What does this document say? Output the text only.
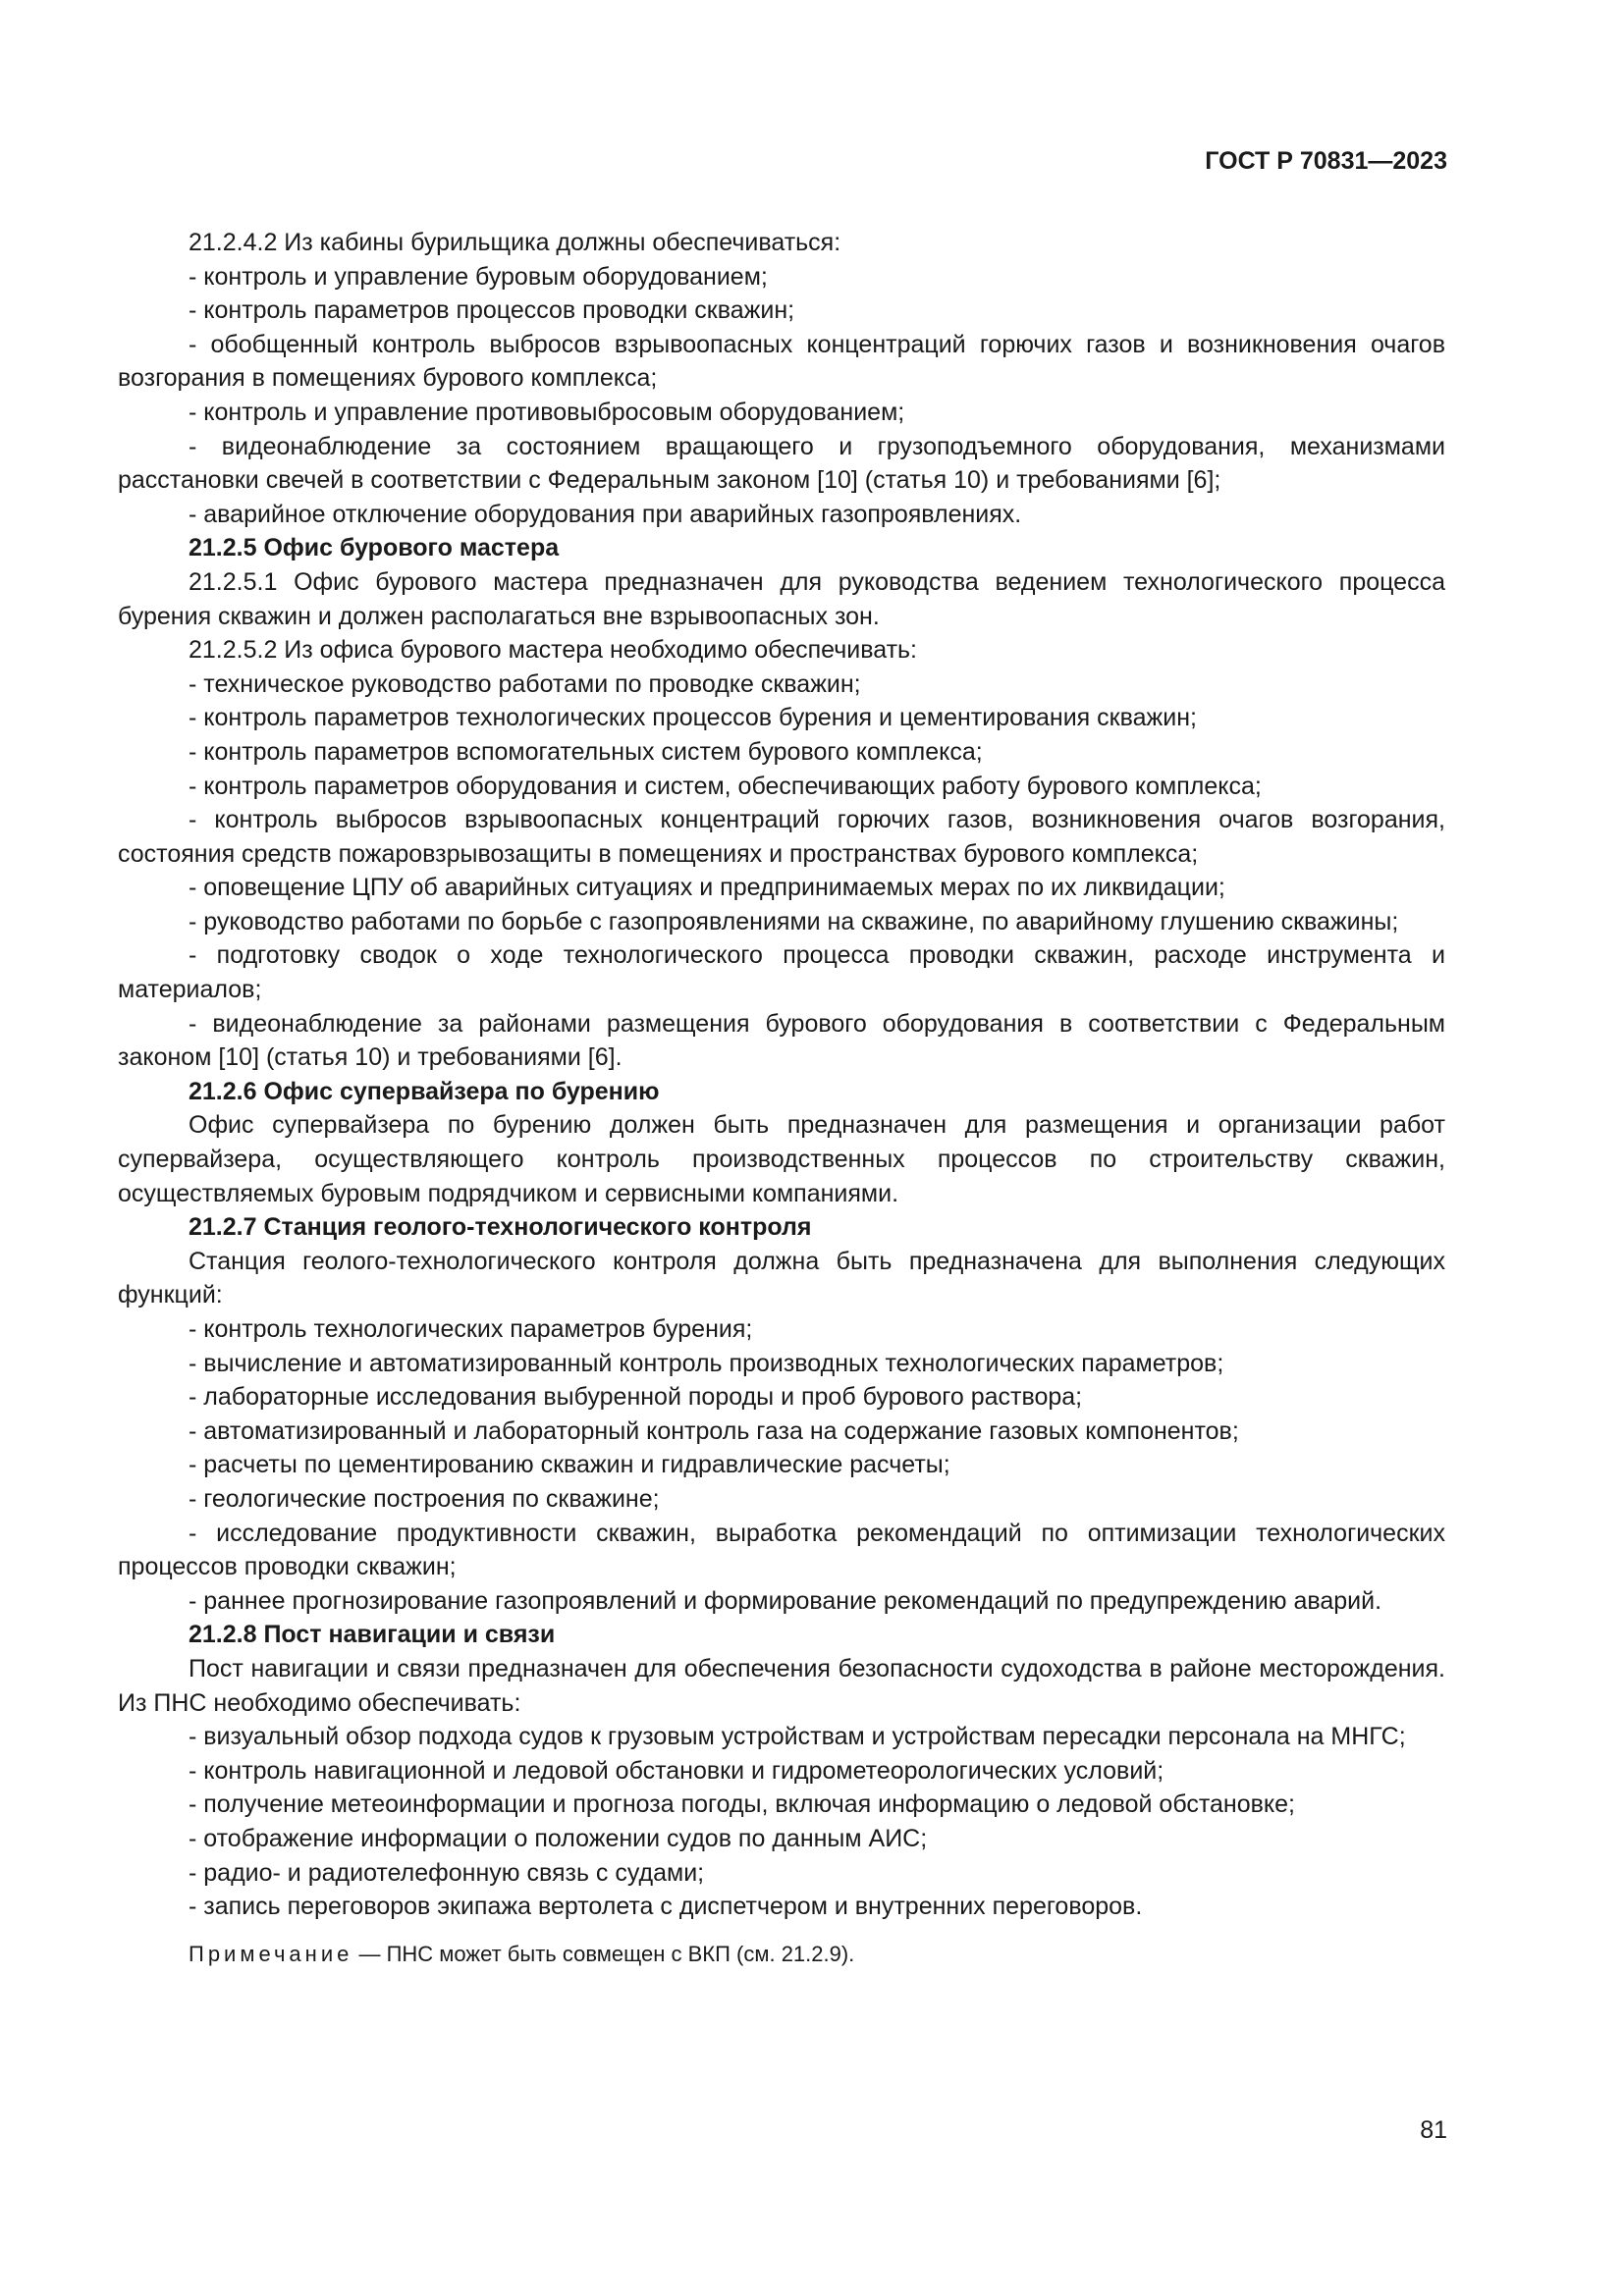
ГОСТ Р 70831—2023

21.2.4.2 Из кабины бурильщика должны обеспечиваться:

- контроль и управление буровым оборудованием;

- контроль параметров процессов проводки скважин;

- обобщенный контроль выбросов взрывоопасных концентраций горючих газов и возникновения очагов возгорания в помещениях бурового комплекса;

- контроль и управление противовыбросовым оборудованием;

- видеонаблюдение за состоянием вращающего и грузоподъемного оборудования, механизмами расстановки свечей в соответствии с Федеральным законом [10] (статья 10) и требованиями [6];

- аварийное отключение оборудования при аварийных газопроявлениях.

21.2.5 Офис бурового мастера

21.2.5.1 Офис бурового мастера предназначен для руководства ведением технологического процесса бурения скважин и должен располагаться вне взрывоопасных зон.

21.2.5.2 Из офиса бурового мастера необходимо обеспечивать:

- техническое руководство работами по проводке скважин;

- контроль параметров технологических процессов бурения и цементирования скважин;

- контроль параметров вспомогательных систем бурового комплекса;

- контроль параметров оборудования и систем, обеспечивающих работу бурового комплекса;

- контроль выбросов взрывоопасных концентраций горючих газов, возникновения очагов возгорания, состояния средств пожаровзрывозащиты в помещениях и пространствах бурового комплекса;

- оповещение ЦПУ об аварийных ситуациях и предпринимаемых мерах по их ликвидации;

- руководство работами по борьбе с газопроявлениями на скважине, по аварийному глушению скважины;

- подготовку сводок о ходе технологического процесса проводки скважин, расходе инструмента и материалов;

- видеонаблюдение за районами размещения бурового оборудования в соответствии с Федеральным законом [10] (статья 10) и требованиями [6].

21.2.6 Офис супервайзера по бурению

Офис супервайзера по бурению должен быть предназначен для размещения и организации работ супервайзера, осуществляющего контроль производственных процессов по строительству скважин, осуществляемых буровым подрядчиком и сервисными компаниями.

21.2.7 Станция геолого-технологического контроля

Станция геолого-технологического контроля должна быть предназначена для выполнения следующих функций:

- контроль технологических параметров бурения;

- вычисление и автоматизированный контроль производных технологических параметров;

- лабораторные исследования выбуренной породы и проб бурового раствора;

- автоматизированный и лабораторный контроль газа на содержание газовых компонентов;

- расчеты по цементированию скважин и гидравлические расчеты;

- геологические построения по скважине;

- исследование продуктивности скважин, выработка рекомендаций по оптимизации технологических процессов проводки скважин;

- раннее прогнозирование газопроявлений и формирование рекомендаций по предупреждению аварий.

21.2.8 Пост навигации и связи

Пост навигации и связи предназначен для обеспечения безопасности судоходства в районе месторождения. Из ПНС необходимо обеспечивать:

- визуальный обзор подхода судов к грузовым устройствам и устройствам пересадки персонала на МНГС;

- контроль навигационной и ледовой обстановки и гидрометеорологических условий;

- получение метеоинформации и прогноза погоды, включая информацию о ледовой обстановке;

- отображение информации о положении судов по данным АИС;

- радио- и радиотелефонную связь с судами;

- запись переговоров экипажа вертолета с диспетчером и внутренних переговоров.

Примечание — ПНС может быть совмещен с ВКП (см. 21.2.9).

81
